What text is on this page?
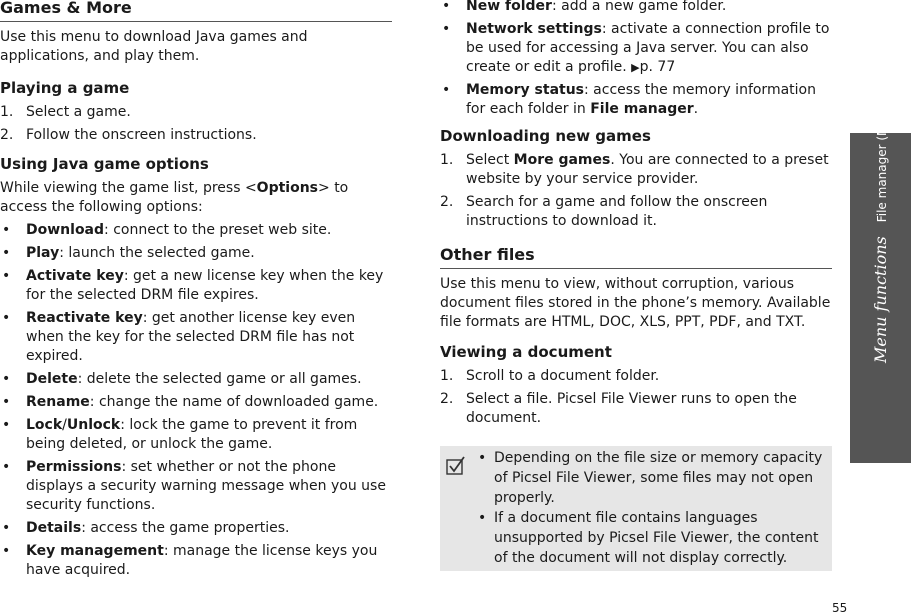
Games & More

Use this menu to download Java games and applications, and play them.

Playing a game
1. Select a game.
2. Follow the onscreen instructions.
Using Java game options

While viewing the game list, press <Options> to access the following options:

• Download: connect to the preset web site.
• Play: launch the selected game.
• Activate key: get a new license key when the key for the selected DRM file expires.
• Reactivate key: get another license key even when the key for the selected DRM file has not expired.
• Delete: delete the selected game or all games.
• Rename: change the name of downloaded game.
• Lock/Unlock: lock the game to prevent it from being deleted, or unlock the game.
• Permissions: set whether or not the phone displays a security warning message when you use security functions.
• Details: access the game properties.
• Key management: manage the license keys you have acquired.
• New folder: add a new game folder.
• Network settings: activate a connection profile to be used for accessing a Java server. You can also create or edit a profile. ▶p. 77
• Memory status: access the memory information for each folder in File manager.
Downloading new games
1. Select More games. You are connected to a preset website by your service provider.
2. Search for a game and follow the onscreen instructions to download it.
Other files

Use this menu to view, without corruption, various document files stored in the phone’s memory. Available file formats are HTML, DOC, XLS, PPT, PDF, and TXT.

Viewing a document
1. Scroll to a document folder.
2. Select a file. Picsel File Viewer runs to open the document.
• Depending on the file size or memory capacity of Picsel File Viewer, some files may not open properly.
• If a document file contains languages unsupported by Picsel File Viewer, the content of the document will not display correctly.
Menu functionsFile manager (Menu 6)
55
